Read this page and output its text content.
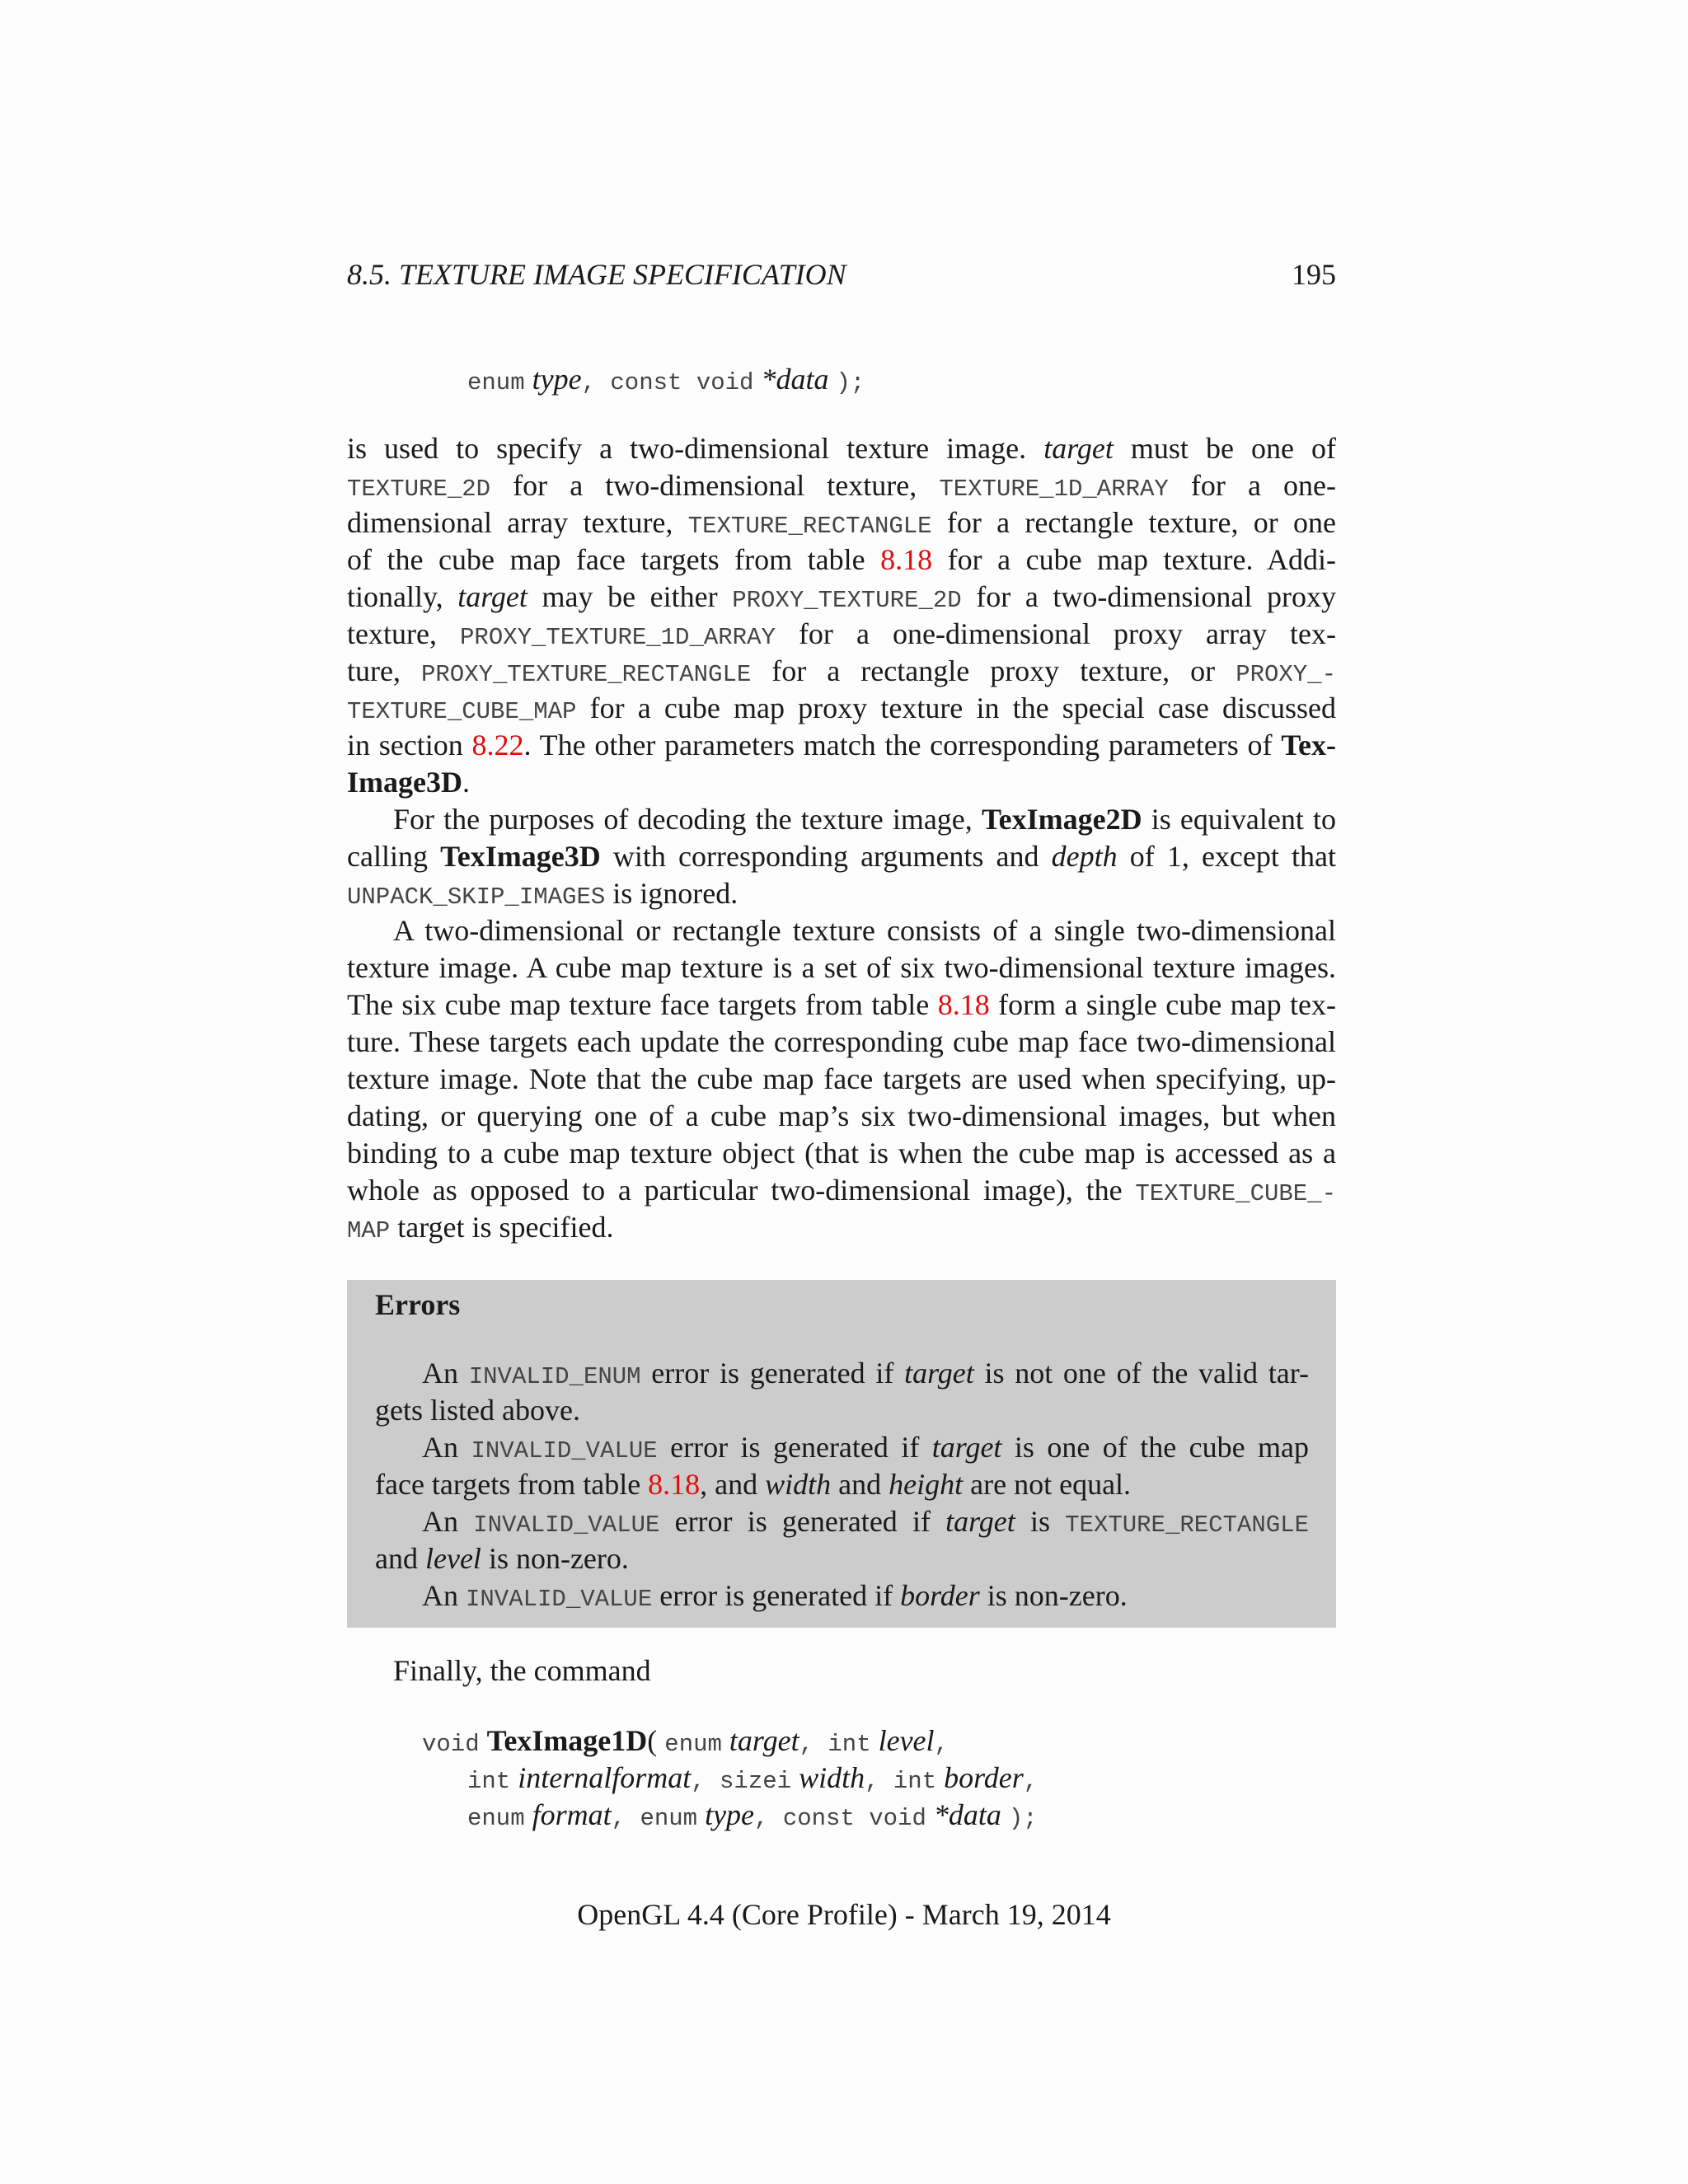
8.5. TEXTURE IMAGE SPECIFICATION	195
enum type, const void *data );
is used to specify a two-dimensional texture image. target must be one of
TEXTURE_2D for a two-dimensional texture, TEXTURE_1D_ARRAY for a one-
dimensional array texture, TEXTURE_RECTANGLE for a rectangle texture, or one
of the cube map face targets from table 8.18 for a cube map texture. Addi-
tionally, target may be either PROXY_TEXTURE_2D for a two-dimensional proxy
texture, PROXY_TEXTURE_1D_ARRAY for a one-dimensional proxy array tex-
ture, PROXY_TEXTURE_RECTANGLE for a rectangle proxy texture, or PROXY_-
TEXTURE_CUBE_MAP for a cube map proxy texture in the special case discussed
in section 8.22. The other parameters match the corresponding parameters of Tex-
Image3D.
For the purposes of decoding the texture image, TexImage2D is equivalent to
calling TexImage3D with corresponding arguments and depth of 1, except that
UNPACK_SKIP_IMAGES is ignored.
A two-dimensional or rectangle texture consists of a single two-dimensional
texture image. A cube map texture is a set of six two-dimensional texture images.
The six cube map texture face targets from table 8.18 form a single cube map tex-
ture. These targets each update the corresponding cube map face two-dimensional
texture image. Note that the cube map face targets are used when specifying, up-
dating, or querying one of a cube map’s six two-dimensional images, but when
binding to a cube map texture object (that is when the cube map is accessed as a
whole as opposed to a particular two-dimensional image), the TEXTURE_CUBE_-
MAP target is specified.
Errors
An INVALID_ENUM error is generated if target is not one of the valid tar-
gets listed above.
An INVALID_VALUE error is generated if target is one of the cube map
face targets from table 8.18, and width and height are not equal.
An INVALID_VALUE error is generated if target is TEXTURE_RECTANGLE
and level is non-zero.
An INVALID_VALUE error is generated if border is non-zero.
Finally, the command
void TexImage1D( enum target, int level,
int internalformat, sizei width, int border,
enum format, enum type, const void *data );
OpenGL 4.4 (Core Profile) - March 19, 2014
